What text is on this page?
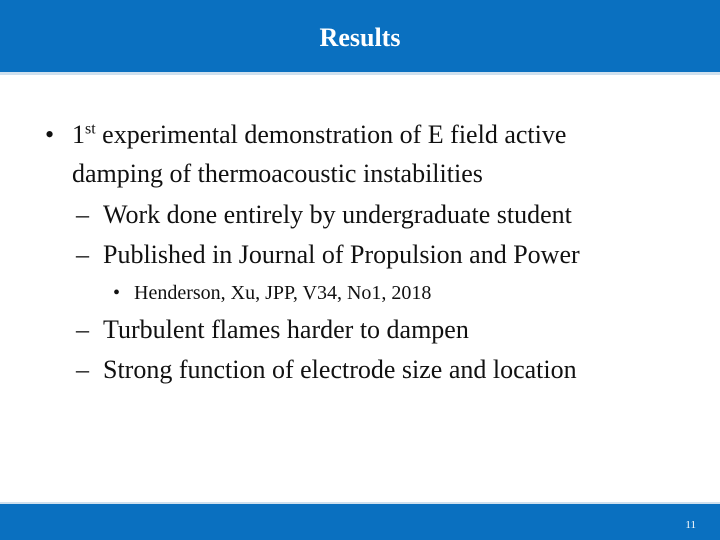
Results
• 1st experimental demonstration of E field active
damping of thermoacoustic instabilities
– Work done entirely by undergraduate student
– Published in Journal of Propulsion and Power
• Henderson, Xu, JPP, V34, No1, 2018
– Turbulent flames harder to dampen
– Strong function of electrode size and location
11
